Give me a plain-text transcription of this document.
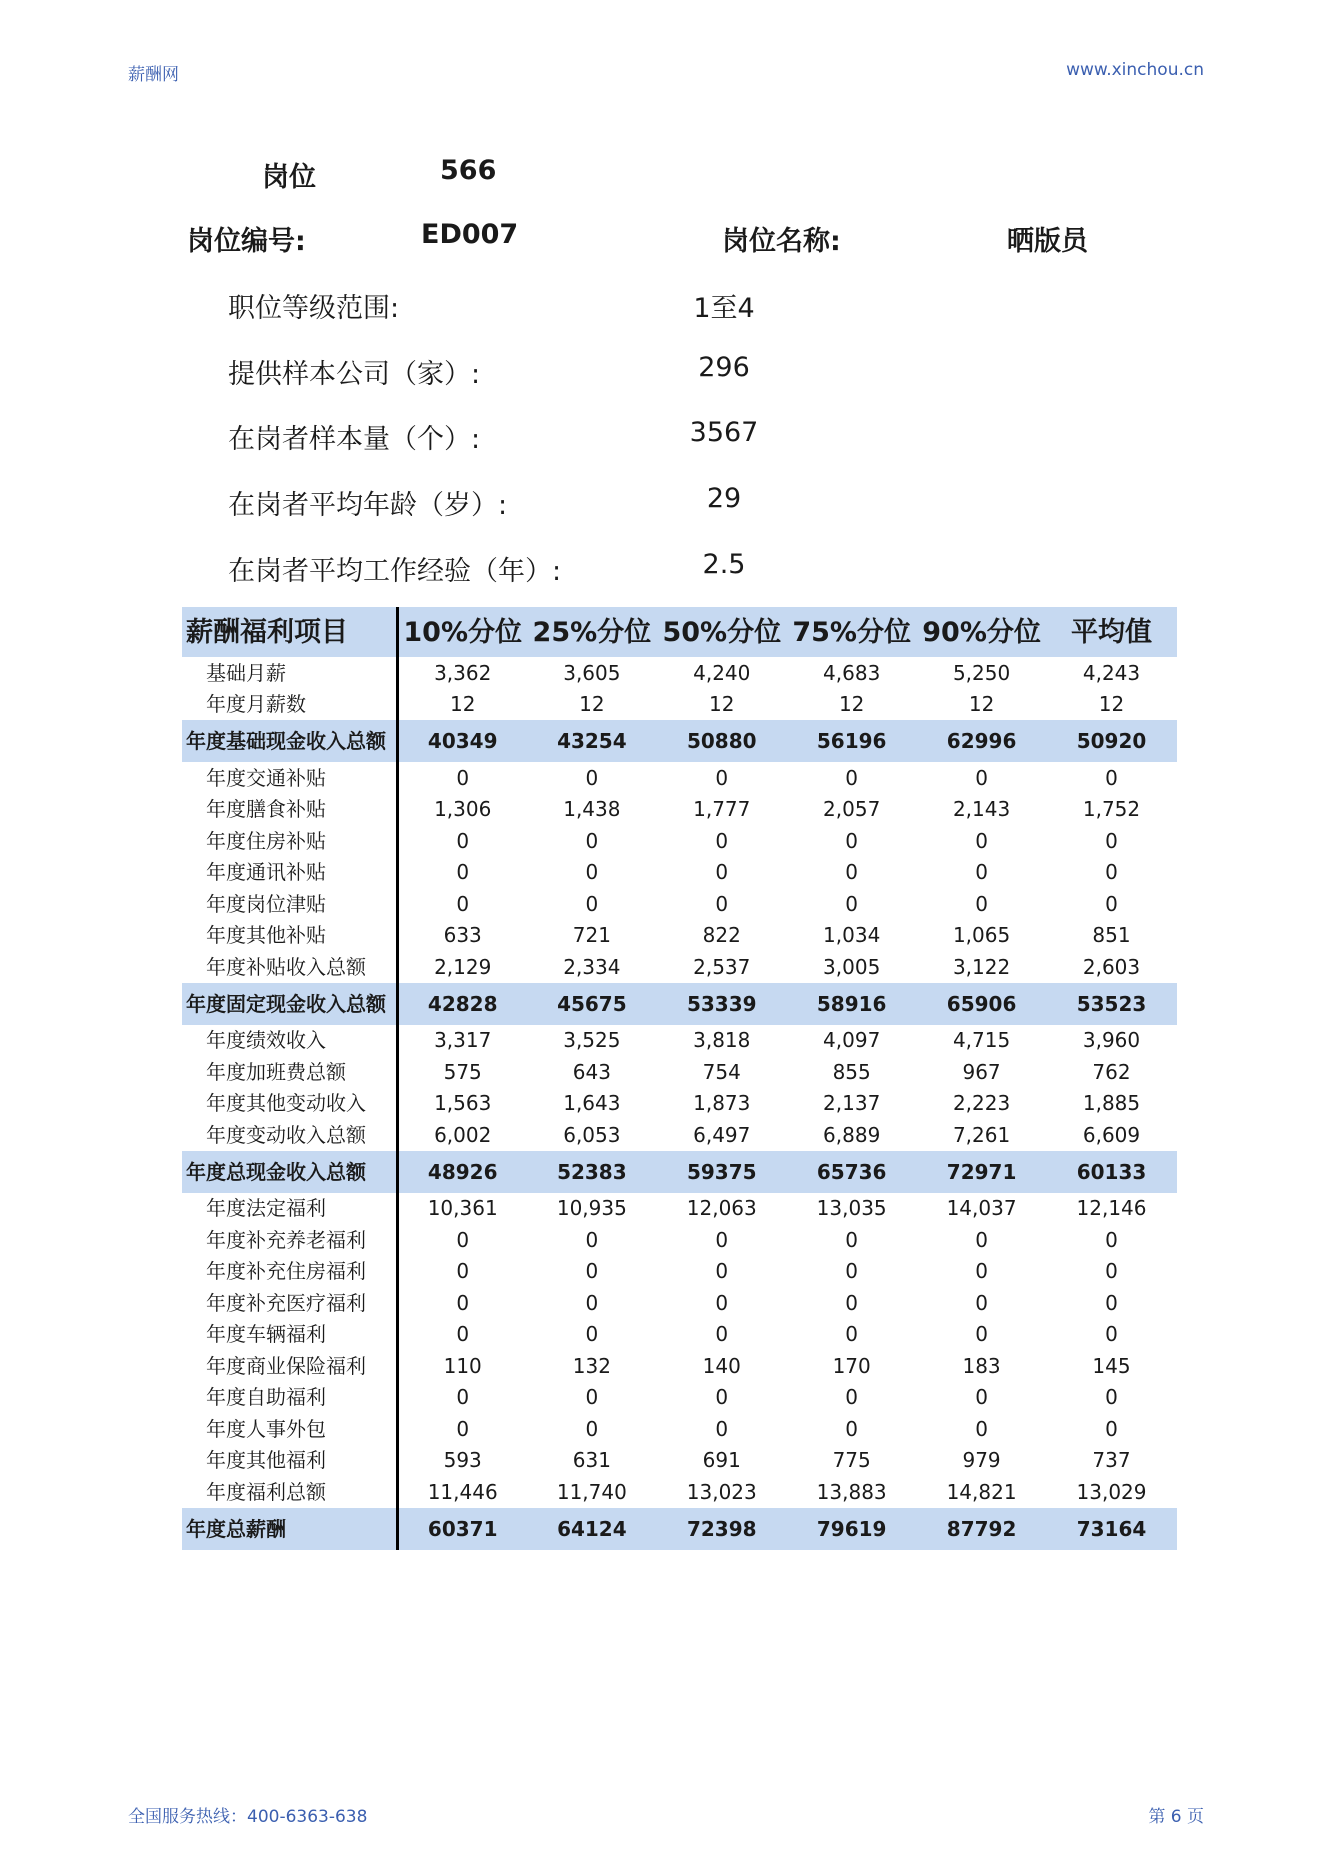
薪酬网	www.xinchou.cn
岗位	566
岗位编号:	ED007	岗位名称:	晒版员
职位等级范围:	1至4
提供样本公司（家）:	296
在岗者样本量（个）:	3567
在岗者平均年龄（岁）:	29
在岗者平均工作经验（年）:	2.5
薪酬福利项目	10%分位	25%分位	50%分位	75%分位	90%分位	平均值
基础月薪	3,362	3,605	4,240	4,683	5,250	4,243
年度月薪数	12	12	12	12	12	12
年度基础现金收入总额	40349	43254	50880	56196	62996	50920
年度交通补贴	0	0	0	0	0	0
年度膳食补贴	1,306	1,438	1,777	2,057	2,143	1,752
年度住房补贴	0	0	0	0	0	0
年度通讯补贴	0	0	0	0	0	0
年度岗位津贴	0	0	0	0	0	0
年度其他补贴	633	721	822	1,034	1,065	851
年度补贴收入总额	2,129	2,334	2,537	3,005	3,122	2,603
年度固定现金收入总额	42828	45675	53339	58916	65906	53523
年度绩效收入	3,317	3,525	3,818	4,097	4,715	3,960
年度加班费总额	575	643	754	855	967	762
年度其他变动收入	1,563	1,643	1,873	2,137	2,223	1,885
年度变动收入总额	6,002	6,053	6,497	6,889	7,261	6,609
年度总现金收入总额	48926	52383	59375	65736	72971	60133
年度法定福利	10,361	10,935	12,063	13,035	14,037	12,146
年度补充养老福利	0	0	0	0	0	0
年度补充住房福利	0	0	0	0	0	0
年度补充医疗福利	0	0	0	0	0	0
年度车辆福利	0	0	0	0	0	0
年度商业保险福利	110	132	140	170	183	145
年度自助福利	0	0	0	0	0	0
年度人事外包	0	0	0	0	0	0
年度其他福利	593	631	691	775	979	737
年度福利总额	11,446	11,740	13,023	13,883	14,821	13,029
年度总薪酬	60371	64124	72398	79619	87792	73164
全国服务热线：400-6363-638	第 6 页
